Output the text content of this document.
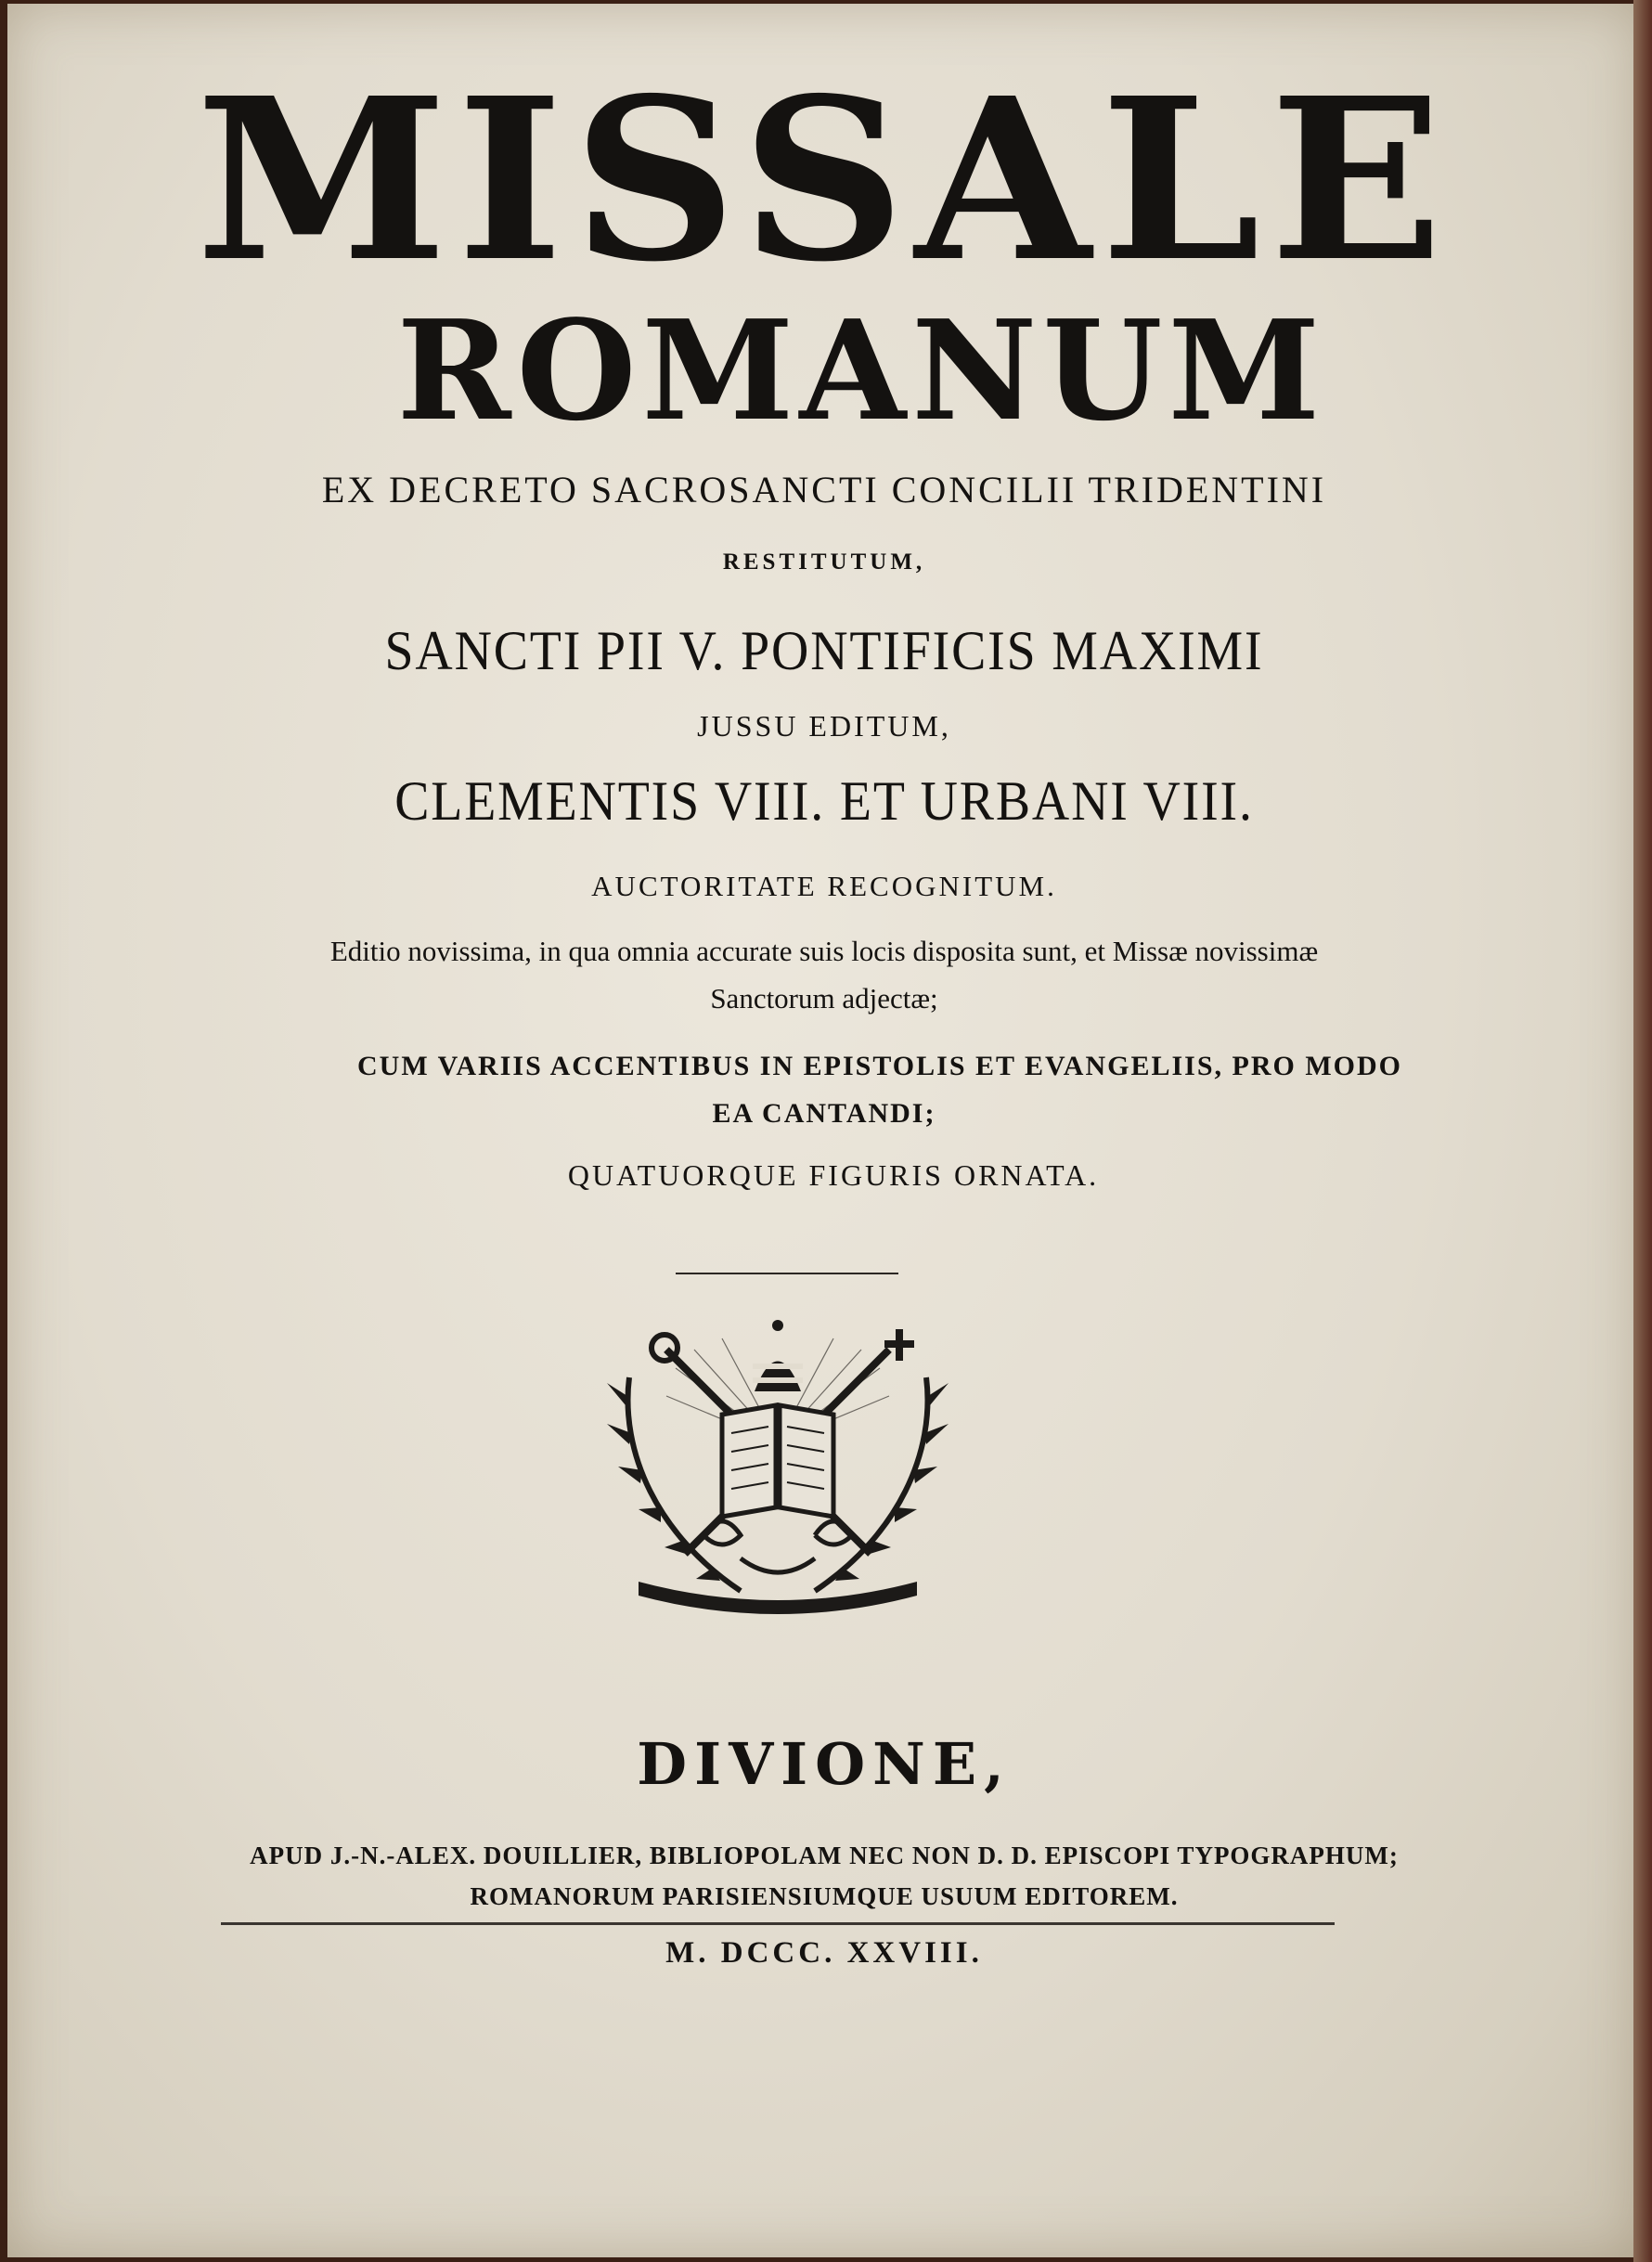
MISSALE
ROMANUM
EX DECRETO SACROSANCTI CONCILII TRIDENTINI
RESTITUTUM,
SANCTI PII V. PONTIFICIS MAXIMI
JUSSU EDITUM,
CLEMENTIS VIII. ET URBANI VIII.
AUCTORITATE RECOGNITUM.
Editio novissima, in qua omnia accurate suis locis disposita sunt, et Missæ novissimæ
Sanctorum adjectæ;
CUM VARIIS ACCENTIBUS IN EPISTOLIS ET EVANGELIIS, PRO MODO
EA CANTANDI;
QUATUORQUE FIGURIS ORNATA.
DIVIONE,
APUD J.-N.-ALEX. DOUILLIER, BIBLIOPOLAM NEC NON D. D. EPISCOPI TYPOGRAPHUM;
ROMANORUM PARISIENSIUMQUE USUUM EDITOREM.
M. DCCC. XXVIII.
